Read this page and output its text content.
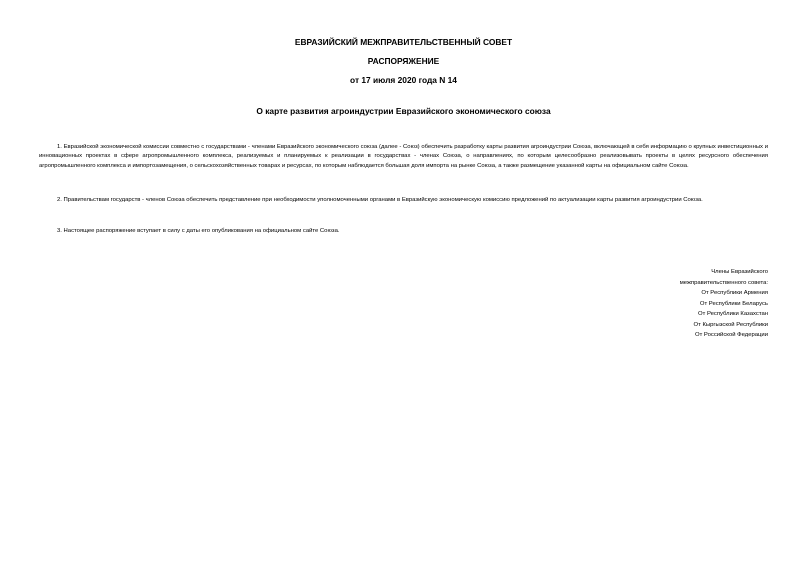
ЕВРАЗИЙСКИЙ МЕЖПРАВИТЕЛЬСТВЕННЫЙ СОВЕТ
РАСПОРЯЖЕНИЕ
от 17 июля 2020 года N 14
О карте развития агроиндустрии Евразийского экономического союза
1. Евразийской экономической комиссии совместно с государствами - членами Евразийского экономического союза (далее - Союз) обеспечить разработку карты развития агроиндустрии Союза, включающей в себя информацию о крупных инвестиционных и инновационных проектах в сфере агропромышленного комплекса, реализуемых и планируемых к реализации в государствах - членах Союза, о направлениях, по которым целесообразно реализовывать проекты в целях ресурсного обеспечения агропромышленного комплекса и импортозамещения, о сельскохозяйственных товарах и ресурсах, по которым наблюдается большая доля импорта на рынке Союза, а также размещение указанной карты на официальном сайте Союза.
2. Правительствам государств - членов Союза обеспечить представление при необходимости уполномоченными органами в Евразийскую экономическую комиссию предложений по актуализации карты развития агроиндустрии Союза.
3. Настоящее распоряжение вступает в силу с даты его опубликования на официальном сайте Союза.
Члены Евразийского
межправительственного совета:
От Республики Армения
От Республики Беларусь
От Республики Казахстан
От Кыргызской Республики
От Российской Федерации
